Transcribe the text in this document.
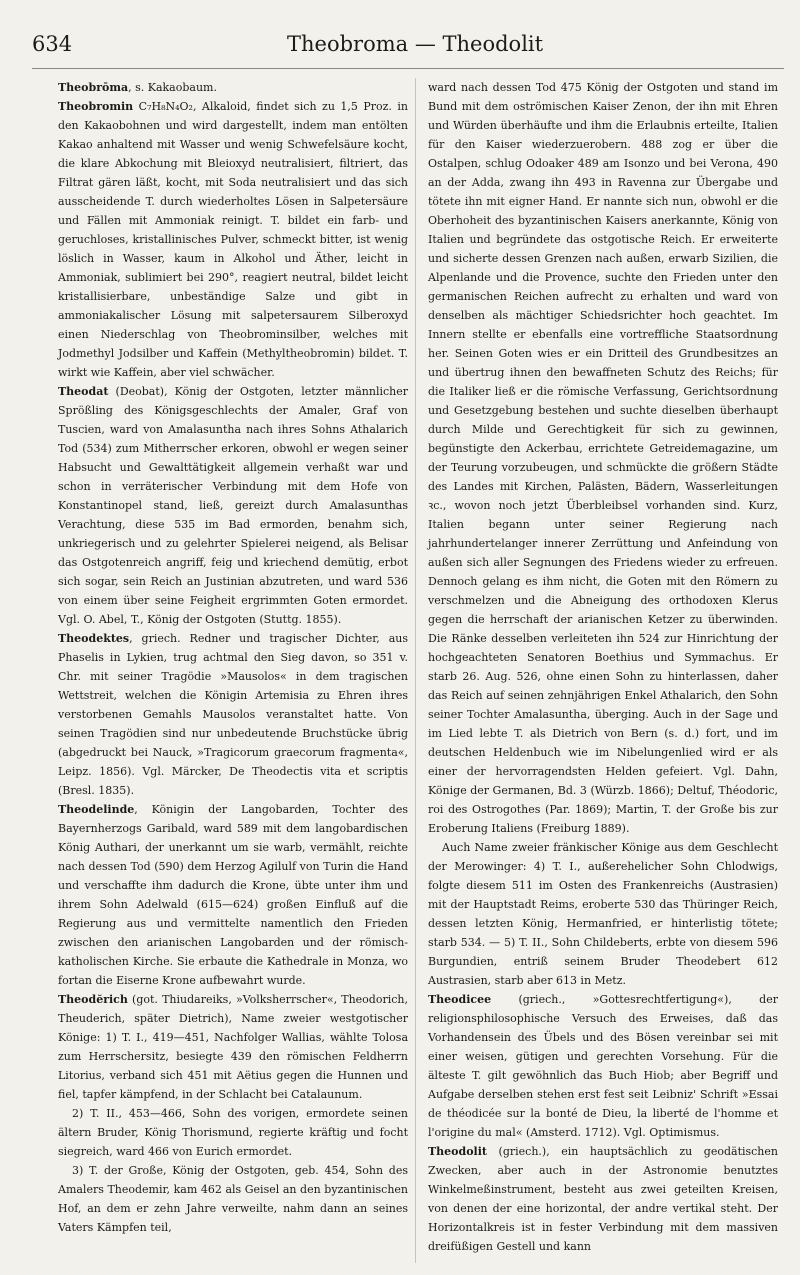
634	Theobroma — Theodolit

Theobrōma, s. Kakaobaum.

Theobromin C₇H₈N₄O₂, Alkaloid, findet sich zu 1,5 Proz. in den Kakaobohnen und wird dargestellt, indem man entölten Kakao anhaltend mit Wasser und wenig Schwefelsäure kocht, die klare Abkochung mit Bleioxyd neutralisiert, filtriert, das Filtrat gären läßt, kocht, mit Soda neutralisiert und das sich ausscheidende T. durch wiederholtes Lösen in Salpetersäure und Fällen mit Ammoniak reinigt. T. bildet ein farb- und geruchloses, kristallinisches Pulver, schmeckt bitter, ist wenig löslich in Wasser, kaum in Alkohol und Äther, leicht in Ammoniak, sublimiert bei 290°, reagiert neutral, bildet leicht kristallisierbare, unbeständige Salze und gibt in ammoniakalischer Lösung mit salpetersaurem Silberoxyd einen Niederschlag von Theobrominsilber, welches mit Jodmethyl Jodsilber und Kaffein (Methyltheobromin) bildet. T. wirkt wie Kaffein, aber viel schwächer.

Theodat (Deobat), König der Ostgoten, letzter männlicher Sprößling des Königsgeschlechts der Amaler, Graf von Tuscien, ward von Amalasuntha nach ihres Sohns Athalarich Tod (534) zum Mitherrscher erkoren, obwohl er wegen seiner Habsucht und Gewalttätigkeit allgemein verhaßt war und schon in verräterischer Verbindung mit dem Hofe von Konstantinopel stand, ließ, gereizt durch Amalasunthas Verachtung, diese 535 im Bad ermorden, benahm sich, unkriegerisch und zu gelehrter Spielerei neigend, als Belisar das Ostgotenreich angriff, feig und kriechend demütig, erbot sich sogar, sein Reich an Justinian abzutreten, und ward 536 von einem über seine Feigheit ergrimmten Goten ermordet. Vgl. O. Abel, T., König der Ostgoten (Stuttg. 1855).

Theodektes, griech. Redner und tragischer Dichter, aus Phaselis in Lykien, trug achtmal den Sieg davon, so 351 v. Chr. mit seiner Tragödie »Mausolos« in dem tragischen Wettstreit, welchen die Königin Artemisia zu Ehren ihres verstorbenen Gemahls Mausolos veranstaltet hatte. Von seinen Tragödien sind nur unbedeutende Bruchstücke übrig (abgedruckt bei Nauck, »Tragicorum graecorum fragmenta«, Leipz. 1856). Vgl. Märcker, De Theodectis vita et scriptis (Bresl. 1835).

Theodelinde, Königin der Langobarden, Tochter des Bayernherzogs Garibald, ward 589 mit dem langobardischen König Authari, der unerkannt um sie warb, vermählt, reichte nach dessen Tod (590) dem Herzog Agilulf von Turin die Hand und verschaffte ihm dadurch die Krone, übte unter ihm und ihrem Sohn Adelwald (615—624) großen Einfluß auf die Regierung aus und vermittelte namentlich den Frieden zwischen den arianischen Langobarden und der römisch-katholischen Kirche. Sie erbaute die Kathedrale in Monza, wo fortan die Eiserne Krone aufbewahrt wurde.

Theodĕrich (got. Thiudareiks, »Volksherrscher«, Theodorich, Theuderich, später Dietrich), Name zweier westgotischer Könige: 1) T. I., 419—451, Nachfolger Wallias, wählte Tolosa zum Herrschersitz, besiegte 439 den römischen Feldherrn Litorius, verband sich 451 mit Aëtius gegen die Hunnen und fiel, tapfer kämpfend, in der Schlacht bei Catalaunum.

2) T. II., 453—466, Sohn des vorigen, ermordete seinen ältern Bruder, König Thorismund, regierte kräftig und focht siegreich, ward 466 von Eurich ermordet.

3) T. der Große, König der Ostgoten, geb. 454, Sohn des Amalers Theodemir, kam 462 als Geisel an den byzantinischen Hof, an dem er zehn Jahre verweilte, nahm dann an seines Vaters Kämpfen teil,

ward nach dessen Tod 475 König der Ostgoten und stand im Bund mit dem oströmischen Kaiser Zenon, der ihn mit Ehren und Würden überhäufte und ihm die Erlaubnis erteilte, Italien für den Kaiser wiederzuerobern. 488 zog er über die Ostalpen, schlug Odoaker 489 am Isonzo und bei Verona, 490 an der Adda, zwang ihn 493 in Ravenna zur Übergabe und tötete ihn mit eigner Hand. Er nannte sich nun, obwohl er die Oberhoheit des byzantinischen Kaisers anerkannte, König von Italien und begründete das ostgotische Reich. Er erweiterte und sicherte dessen Grenzen nach außen, erwarb Sizilien, die Alpenlande und die Provence, suchte den Frieden unter den germanischen Reichen aufrecht zu erhalten und ward von denselben als mächtiger Schiedsrichter hoch geachtet. Im Innern stellte er ebenfalls eine vortreffliche Staatsordnung her. Seinen Goten wies er ein Dritteil des Grundbesitzes an und übertrug ihnen den bewaffneten Schutz des Reichs; für die Italiker ließ er die römische Verfassung, Gerichtsordnung und Gesetzgebung bestehen und suchte dieselben überhaupt durch Milde und Gerechtigkeit für sich zu gewinnen, begünstigte den Ackerbau, errichtete Getreidemagazine, um der Teurung vorzubeugen, und schmückte die größern Städte des Landes mit Kirchen, Palästen, Bädern, Wasserleitungen ꝛc., wovon noch jetzt Überbleibsel vorhanden sind. Kurz, Italien begann unter seiner Regierung nach jahrhundertelanger innerer Zerrüttung und Anfeindung von außen sich aller Segnungen des Friedens wieder zu erfreuen. Dennoch gelang es ihm nicht, die Goten mit den Römern zu verschmelzen und die Abneigung des orthodoxen Klerus gegen die herrschaft der arianischen Ketzer zu überwinden. Die Ränke desselben verleiteten ihn 524 zur Hinrichtung der hochgeachteten Senatoren Boethius und Symmachus. Er starb 26. Aug. 526, ohne einen Sohn zu hinterlassen, daher das Reich auf seinen zehnjährigen Enkel Athalarich, den Sohn seiner Tochter Amalasuntha, überging. Auch in der Sage und im Lied lebte T. als Dietrich von Bern (s. d.) fort, und im deutschen Heldenbuch wie im Nibelungenlied wird er als einer der hervorragendsten Helden gefeiert. Vgl. Dahn, Könige der Germanen, Bd. 3 (Würzb. 1866); Deltuf, Théodoric, roi des Ostrogothes (Par. 1869); Martin, T. der Große bis zur Eroberung Italiens (Freiburg 1889).

Auch Name zweier fränkischer Könige aus dem Geschlecht der Merowinger: 4) T. I., außerehelicher Sohn Chlodwigs, folgte diesem 511 im Osten des Frankenreichs (Austrasien) mit der Hauptstadt Reims, eroberte 530 das Thüringer Reich, dessen letzten König, Hermanfried, er hinterlistig tötete; starb 534. — 5) T. II., Sohn Childeberts, erbte von diesem 596 Burgundien, entriß seinem Bruder Theodebert 612 Austrasien, starb aber 613 in Metz.

Theodicee (griech., »Gottesrechtfertigung«), der religionsphilosophische Versuch des Erweises, daß das Vorhandensein des Übels und des Bösen vereinbar sei mit einer weisen, gütigen und gerechten Vorsehung. Für die älteste T. gilt gewöhnlich das Buch Hiob; aber Begriff und Aufgabe derselben stehen erst fest seit Leibniz' Schrift »Essai de théodicée sur la bonté de Dieu, la liberté de l'homme et l'origine du mal« (Amsterd. 1712). Vgl. Optimismus.

Theodolit (griech.), ein hauptsächlich zu geodätischen Zwecken, aber auch in der Astronomie benutztes Winkelmeßinstrument, besteht aus zwei geteilten Kreisen, von denen der eine horizontal, der andre vertikal steht. Der Horizontalkreis ist in fester Verbindung mit dem massiven dreifüßigen Gestell und kann
